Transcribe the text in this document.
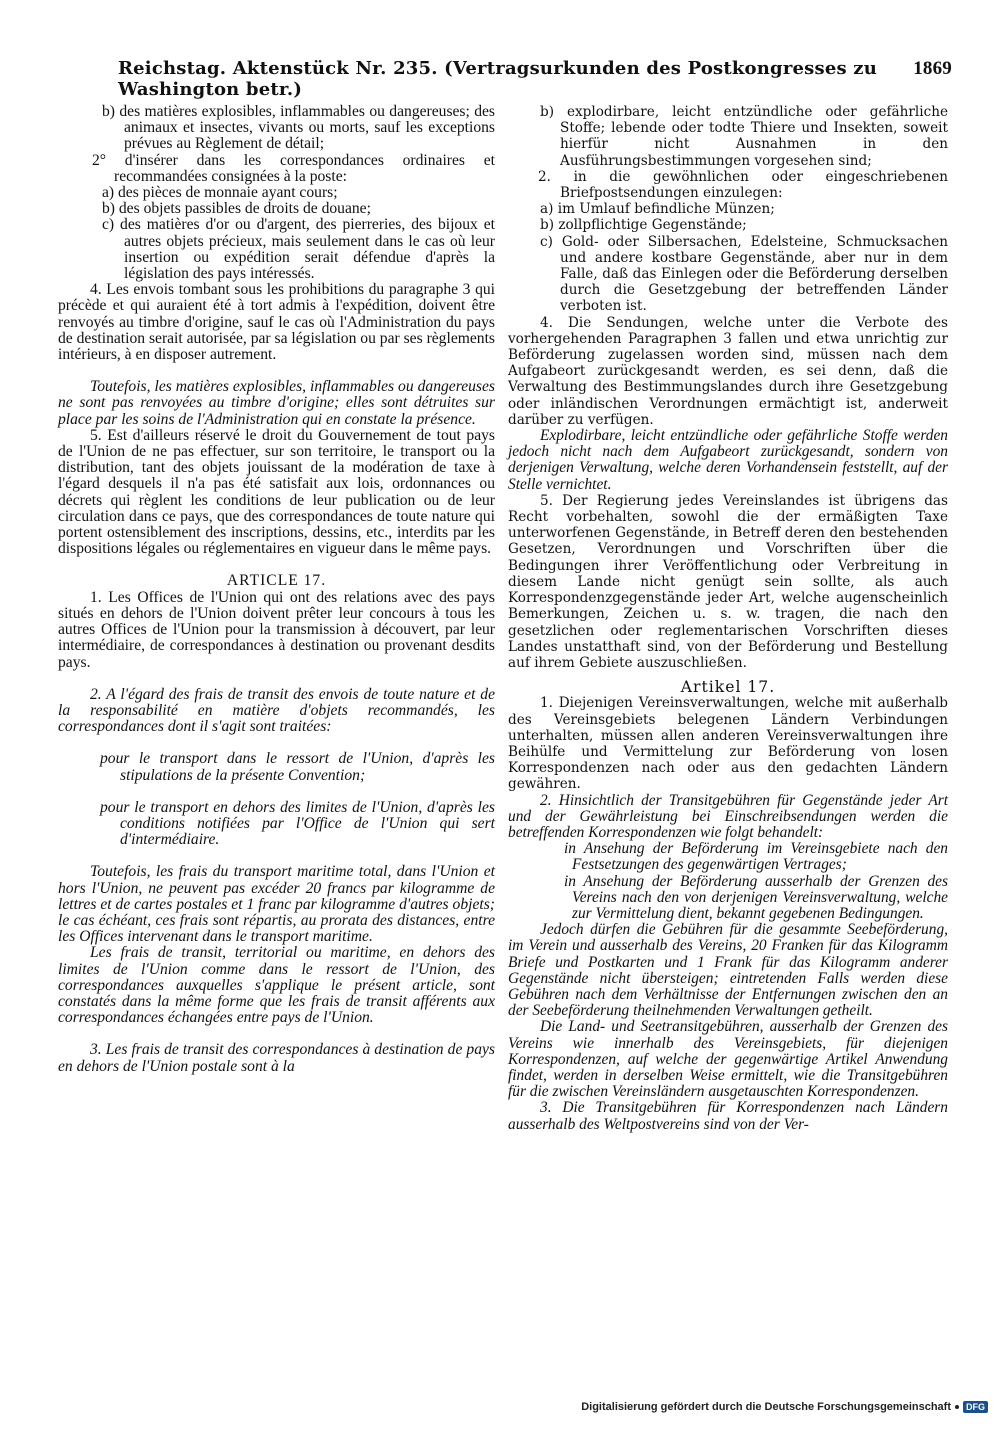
Reichstag. Aktenstück Nr. 235. (Vertragsurkunden des Postkongresses zu Washington betr.)
1869

b) des matières explosibles, inflammables ou dangereuses; des animaux et insectes, vivants ou morts, sauf les exceptions prévues au Règlement de détail;

2° d'insérer dans les correspondances ordinaires et recommandées consignées à la poste:

a) des pièces de monnaie ayant cours;

b) des objets passibles de droits de douane;

c) des matières d'or ou d'argent, des pierreries, des bijoux et autres objets précieux, mais seulement dans le cas où leur insertion ou expédition serait défendue d'après la législation des pays intéressés.

4. Les envois tombant sous les prohibitions du paragraphe 3 qui précède et qui auraient été à tort admis à l'expédition, doivent être renvoyés au timbre d'origine, sauf le cas où l'Administration du pays de destination serait autorisée, par sa législation ou par ses règlements intérieurs, à en disposer autrement.

Toutefois, les matières explosibles, inflammables ou dangereuses ne sont pas renvoyées au timbre d'origine; elles sont détruites sur place par les soins de l'Administration qui en constate la présence.

5. Est d'ailleurs réservé le droit du Gouvernement de tout pays de l'Union de ne pas effectuer, sur son territoire, le transport ou la distribution, tant des objets jouissant de la modération de taxe à l'égard desquels il n'a pas été satisfait aux lois, ordonnances ou décrets qui règlent les conditions de leur publication ou de leur circulation dans ce pays, que des correspondances de toute nature qui portent ostensiblement des inscriptions, dessins, etc., interdits par les dispositions légales ou réglementaires en vigueur dans le même pays.

ARTICLE 17.

1. Les Offices de l'Union qui ont des relations avec des pays situés en dehors de l'Union doivent prêter leur concours à tous les autres Offices de l'Union pour la transmission à découvert, par leur intermédiaire, de correspondances à destination ou provenant desdits pays.

2. A l'égard des frais de transit des envois de toute nature et de la responsabilité en matière d'objets recommandés, les correspondances dont il s'agit sont traitées:

pour le transport dans le ressort de l'Union, d'après les stipulations de la présente Convention;

pour le transport en dehors des limites de l'Union, d'après les conditions notifiées par l'Office de l'Union qui sert d'intermédiaire.

Toutefois, les frais du transport maritime total, dans l'Union et hors l'Union, ne peuvent pas excéder 20 francs par kilogramme de lettres et de cartes postales et 1 franc par kilogramme d'autres objets; le cas échéant, ces frais sont répartis, au prorata des distances, entre les Offices intervenant dans le transport maritime.

Les frais de transit, territorial ou maritime, en dehors des limites de l'Union comme dans le ressort de l'Union, des correspondances auxquelles s'applique le présent article, sont constatés dans la même forme que les frais de transit afférents aux correspondances échangées entre pays de l'Union.

3. Les frais de transit des correspondances à destination de pays en dehors de l'Union postale sont à la

b) explodirbare, leicht entzündliche oder gefährliche Stoffe; lebende oder todte Thiere und Insekten, soweit hierfür nicht Ausnahmen in den Ausführungsbestimmungen vorgesehen sind;

2. in die gewöhnlichen oder eingeschriebenen Briefpostsendungen einzulegen:

a) im Umlauf befindliche Münzen;

b) zollpflichtige Gegenstände;

c) Gold- oder Silbersachen, Edelsteine, Schmucksachen und andere kostbare Gegenstände, aber nur in dem Falle, daß das Einlegen oder die Beförderung derselben durch die Gesetzgebung der betreffenden Länder verboten ist.

4. Die Sendungen, welche unter die Verbote des vorhergehenden Paragraphen 3 fallen und etwa unrichtig zur Beförderung zugelassen worden sind, müssen nach dem Aufgabeort zurückgesandt werden, es sei denn, daß die Verwaltung des Bestimmungslandes durch ihre Gesetzgebung oder inländischen Verordnungen ermächtigt ist, anderweit darüber zu verfügen.

Explodirbare, leicht entzündliche oder gefährliche Stoffe werden jedoch nicht nach dem Aufgabeort zurückgesandt, sondern von derjenigen Verwaltung, welche deren Vorhandensein feststellt, auf der Stelle vernichtet.

5. Der Regierung jedes Vereinslandes ist übrigens das Recht vorbehalten, sowohl die der ermäßigten Taxe unterworfenen Gegenstände, in Betreff deren den bestehenden Gesetzen, Verordnungen und Vorschriften über die Bedingungen ihrer Veröffentlichung oder Verbreitung in diesem Lande nicht genügt sein sollte, als auch Korrespondenzgegenstände jeder Art, welche augenscheinlich Bemerkungen, Zeichen u. s. w. tragen, die nach den gesetzlichen oder reglementarischen Vorschriften dieses Landes unstatthaft sind, von der Beförderung und Bestellung auf ihrem Gebiete auszuschließen.

Artikel 17.

1. Diejenigen Vereinsverwaltungen, welche mit außerhalb des Vereinsgebiets belegenen Ländern Verbindungen unterhalten, müssen allen anderen Vereinsverwaltungen ihre Beihülfe und Vermittelung zur Beförderung von losen Korrespondenzen nach oder aus den gedachten Ländern gewähren.

2. Hinsichtlich der Transitgebühren für Gegenstände jeder Art und der Gewährleistung bei Einschreibsendungen werden die betreffenden Korrespondenzen wie folgt behandelt:

in Ansehung der Beförderung im Vereinsgebiete nach den Festsetzungen des gegenwärtigen Vertrages;

in Ansehung der Beförderung ausserhalb der Grenzen des Vereins nach den von derjenigen Vereinsverwaltung, welche zur Vermittelung dient, bekannt gegebenen Bedingungen.

Jedoch dürfen die Gebühren für die gesammte Seebeförderung, im Verein und ausserhalb des Vereins, 20 Franken für das Kilogramm Briefe und Postkarten und 1 Frank für das Kilogramm anderer Gegenstände nicht übersteigen; eintretenden Falls werden diese Gebühren nach dem Verhältnisse der Entfernungen zwischen den an der Seebeförderung theilnehmenden Verwaltungen getheilt.

Die Land- und Seetransitgebühren, ausserhalb der Grenzen des Vereins wie innerhalb des Vereinsgebiets, für diejenigen Korrespondenzen, auf welche der gegenwärtige Artikel Anwendung findet, werden in derselben Weise ermittelt, wie die Transitgebühren für die zwischen Vereinsländern ausgetauschten Korrespondenzen.

3. Die Transitgebühren für Korrespondenzen nach Ländern ausserhalb des Weltpostvereins sind von der Ver-

Digitalisierung gefördert durch die Deutsche Forschungsgemeinschaft	DFG
